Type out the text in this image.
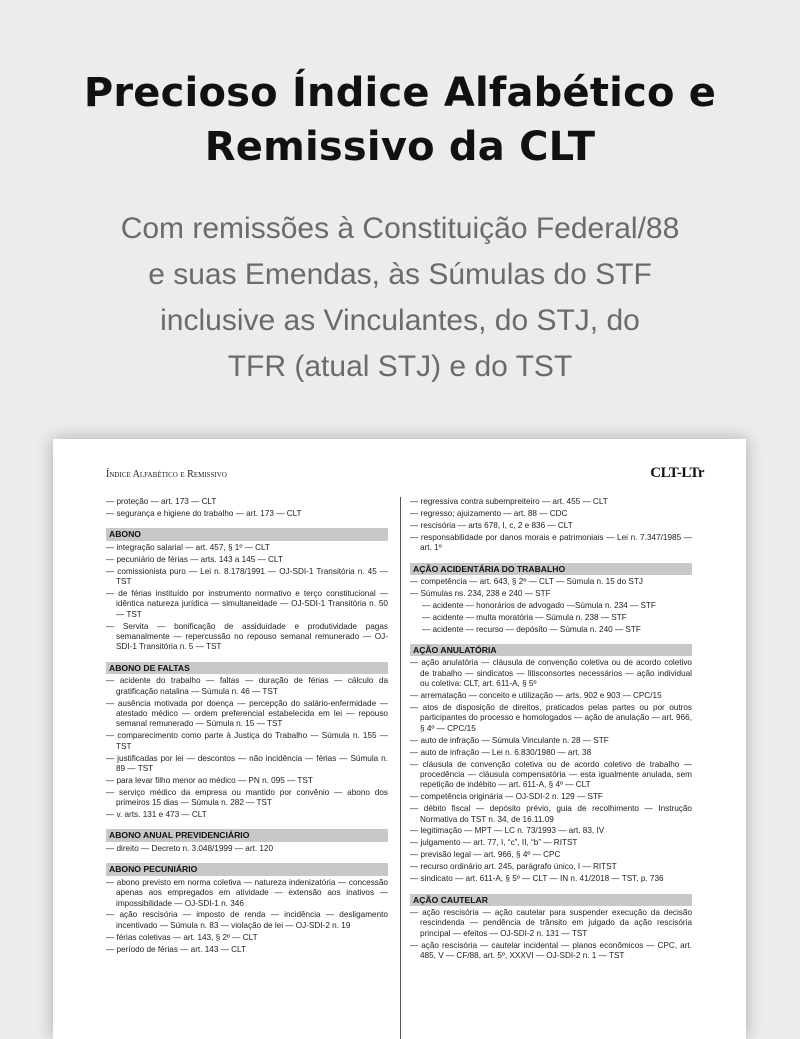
Precioso Índice Alfabético e
Remissivo da CLT
Com remissões à Constituição Federal/88
e suas Emendas, às Súmulas do STF
inclusive as Vinculantes, do STJ, do
TFR (atual STJ) e do TST
Índice Alfabético e Remissivo	CLT-LTr
— proteção — art. 173 — CLT
— segurança e higiene do trabalho — art. 173 — CLT
ABONO
— integração salarial — art. 457, § 1º — CLT
— pecuniário de férias — arts. 143 a 145 — CLT
— comissionista puro — Lei n. 8.178/1991 — OJ-SDI-1 Transitória n. 45 — TST
— de férias instituído por instrumento normativo e terço constitucional — idêntica natureza jurídica — simultaneidade — OJ-SDI-1 Transitória n. 50 — TST
— Servita — bonificação de assiduidade e produtividade pagas semanalmente — repercussão no repouso semanal remunerado — OJ-SDI-1 Transitória n. 5 — TST
ABONO DE FALTAS
— acidente do trabalho — faltas — duração de férias — cálculo da gratificação natalina — Súmula n. 46 — TST
— ausência motivada por doença — percepção do salário-enfermidade — atestado médico — ordem preferencial estabelecida em lei — repouso semanal remunerado — Súmula n. 15 — TST
— comparecimento como parte à Justiça do Trabalho — Súmula n. 155 — TST
— justificadas por lei — descontos — não incidência — férias — Súmula n. 89 — TST
— para levar filho menor ao médico — PN n. 095 — TST
— serviço médico da empresa ou mantido por convênio — abono dos primeiros 15 dias — Súmula n. 282 — TST
— v. arts. 131 e 473 — CLT
ABONO ANUAL PREVIDENCIÁRIO
— direito — Decreto n. 3.048/1999 — art. 120
ABONO PECUNIÁRIO
— abono previsto em norma coletiva — natureza indenizatória — concessão apenas aos empregados em atividade — extensão aos inativos — impossibilidade — OJ-SDI-1 n. 346
— ação rescisória — imposto de renda — incidência — desligamento incentivado — Súmula n. 83 — violação de lei — OJ-SDI-2 n. 19
— férias coletivas — art. 143, § 2º — CLT
— período de férias — art. 143 — CLT
— regressiva contra subempreiteiro — art. 455 — CLT
— regresso; ajuizamento — art. 88 — CDC
— rescisória — arts 678, I, c, 2 e 836 — CLT
— responsabilidade por danos morais e patrimoniais — Lei n. 7.347/1985 — art. 1º
AÇÃO ACIDENTÁRIA DO TRABALHO
— competência — art. 643, § 2º — CLT — Súmula n. 15 do STJ
— Súmulas ns. 234, 238 e 240 — STF
— acidente — honorários de advogado —Súmula n. 234 — STF
— acidente — multa moratória — Súmula n. 238 — STF
— acidente — recurso — depósito — Súmula n. 240 — STF
AÇÃO ANULATÓRIA
— ação anulatória — cláusula de convenção coletiva ou de acordo coletivo de trabalho — sindicatos — litisconsortes necessários — ação individual ou coletiva: CLT, art. 611-A, § 5º
— arrematação — conceito e utilização — arts. 902 e 903 — CPC/15
— atos de disposição de direitos, praticados pelas partes ou por outros participantes do processo e homologados — ação de anulação — art. 966, § 4º — CPC/15
— auto de infração — Súmula Vinculante n. 28 — STF
— auto de infração — Lei n. 6.830/1980 — art. 38
— cláusula de convenção coletiva ou de acordo coletivo de trabalho — procedência — cláusula compensatória — esta igualmente anulada, sem repetição de indébito — art. 611-A, § 4º — CLT
— competência originária — OJ-SDI-2 n. 129 — STF
— débito fiscal — depósito prévio, guia de recolhimento — Instrução Normativa do TST n. 34, de 16.11.09
— legitimação — MPT — LC n. 73/1993 — art. 83, IV
— julgamento — art. 77, I, “c”, II, “b” — RITST
— previsão legal — art. 966, § 4º — CPC
— recurso ordinário art. 245, parágrafo único, I — RITST
— sindicato — art. 611-A, § 5º — CLT — IN n. 41/2018 — TST, p. 736
AÇÃO CAUTELAR
— ação rescisória — ação cautelar para suspender execução da decisão rescindenda — pendência de trânsito em julgado da ação rescisória principal — efeitos — OJ-SDI-2 n. 131 — TST
— ação rescisória — cautelar incidental — planos econômicos — CPC, art. 485, V — CF/88, art. 5º, XXXVI — OJ-SDI-2 n. 1 — TST
